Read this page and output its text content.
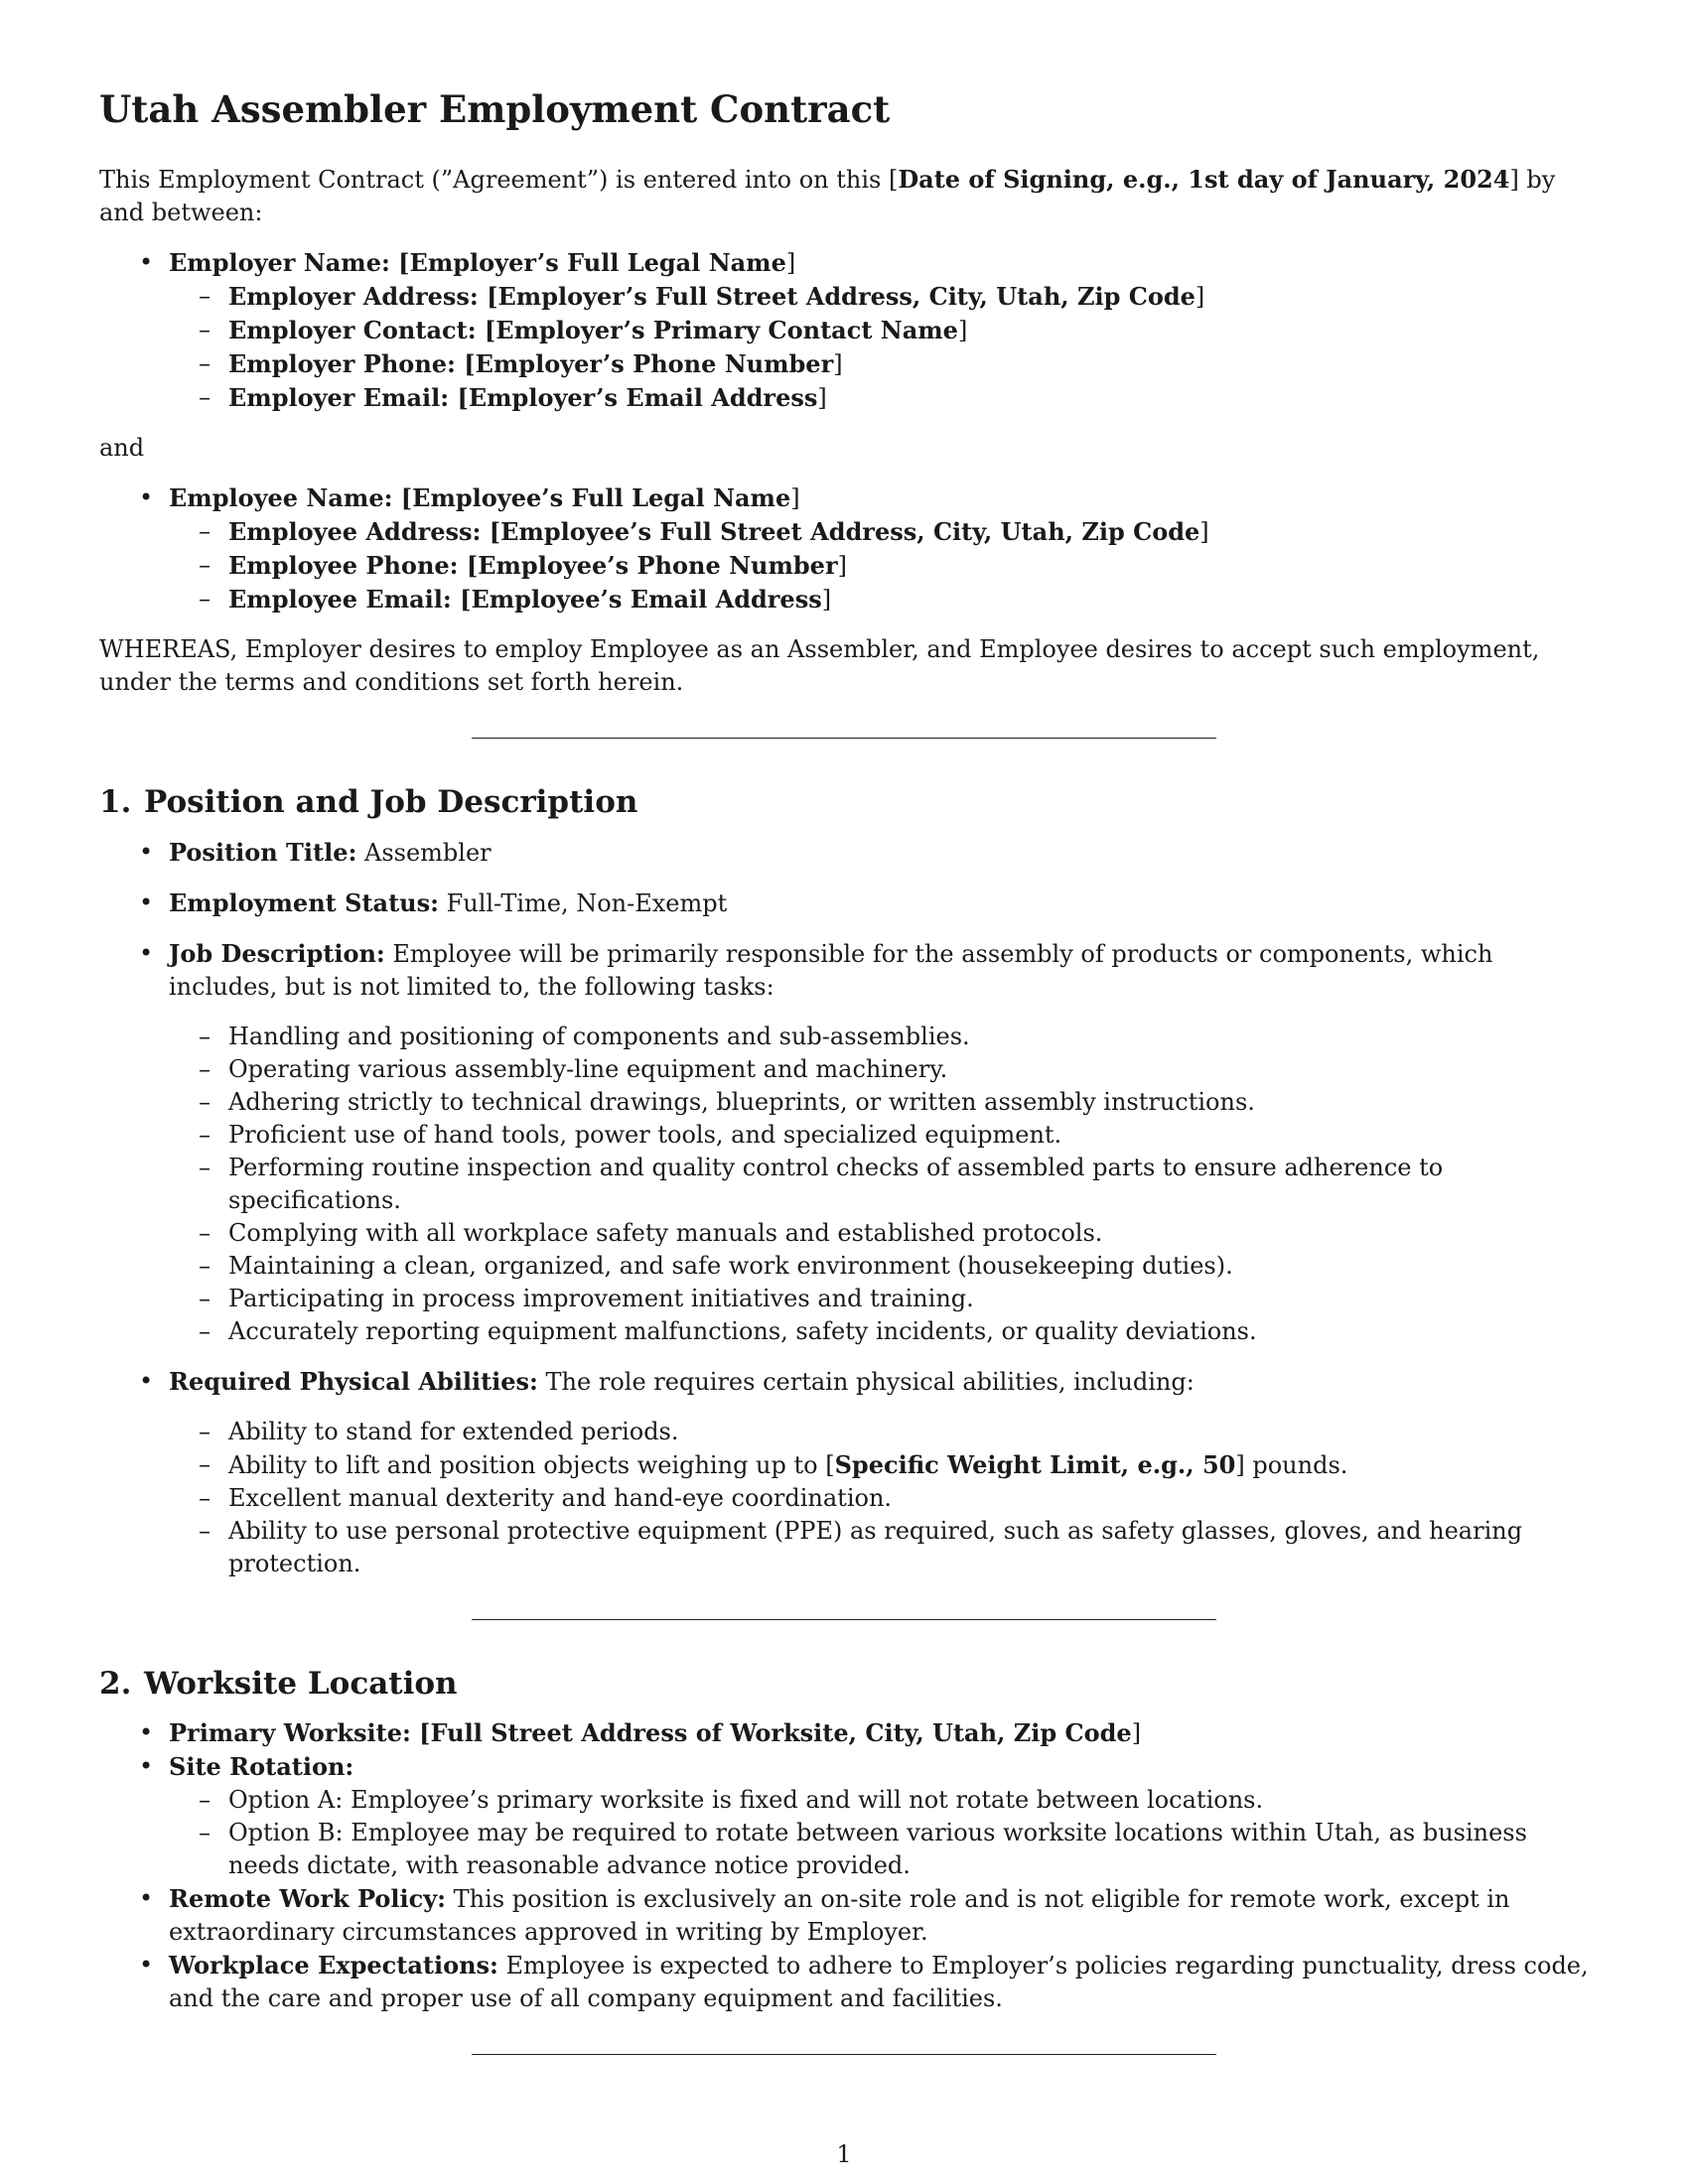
Utah Assembler Employment Contract

This Employment Contract (”Agreement”) is entered into on this [Date of Signing, e.g., 1st day of January, 2024] by and between:

• Employer Name: [Employer’s Full Legal Name]
– Employer Address: [Employer’s Full Street Address, City, Utah, Zip Code]
– Employer Contact: [Employer’s Primary Contact Name]
– Employer Phone: [Employer’s Phone Number]
– Employer Email: [Employer’s Email Address]

and

• Employee Name: [Employee’s Full Legal Name]
– Employee Address: [Employee’s Full Street Address, City, Utah, Zip Code]
– Employee Phone: [Employee’s Phone Number]
– Employee Email: [Employee’s Email Address]

WHEREAS, Employer desires to employ Employee as an Assembler, and Employee desires to accept such employment, under the terms and conditions set forth herein.

1. Position and Job Description
• Position Title: Assembler
• Employment Status: Full-Time, Non-Exempt
• Job Description: Employee will be primarily responsible for the assembly of products or components, which includes, but is not limited to, the following tasks:
– Handling and positioning of components and sub-assemblies.
– Operating various assembly-line equipment and machinery.
– Adhering strictly to technical drawings, blueprints, or written assembly instructions.
– Proficient use of hand tools, power tools, and specialized equipment.
– Performing routine inspection and quality control checks of assembled parts to ensure adherence to specifications.
– Complying with all workplace safety manuals and established protocols.
– Maintaining a clean, organized, and safe work environment (housekeeping duties).
– Participating in process improvement initiatives and training.
– Accurately reporting equipment malfunctions, safety incidents, or quality deviations.
• Required Physical Abilities: The role requires certain physical abilities, including:
– Ability to stand for extended periods.
– Ability to lift and position objects weighing up to [Specific Weight Limit, e.g., 50] pounds.
– Excellent manual dexterity and hand-eye coordination.
– Ability to use personal protective equipment (PPE) as required, such as safety glasses, gloves, and hearing protection.
2. Worksite Location
• Primary Worksite: [Full Street Address of Worksite, City, Utah, Zip Code]
• Site Rotation:
– Option A: Employee’s primary worksite is fixed and will not rotate between locations.
– Option B: Employee may be required to rotate between various worksite locations within Utah, as business needs dictate, with reasonable advance notice provided.
• Remote Work Policy: This position is exclusively an on-site role and is not eligible for remote work, except in extraordinary circumstances approved in writing by Employer.
• Workplace Expectations: Employee is expected to adhere to Employer’s policies regarding punctuality, dress code, and the care and proper use of all company equipment and facilities.
1
